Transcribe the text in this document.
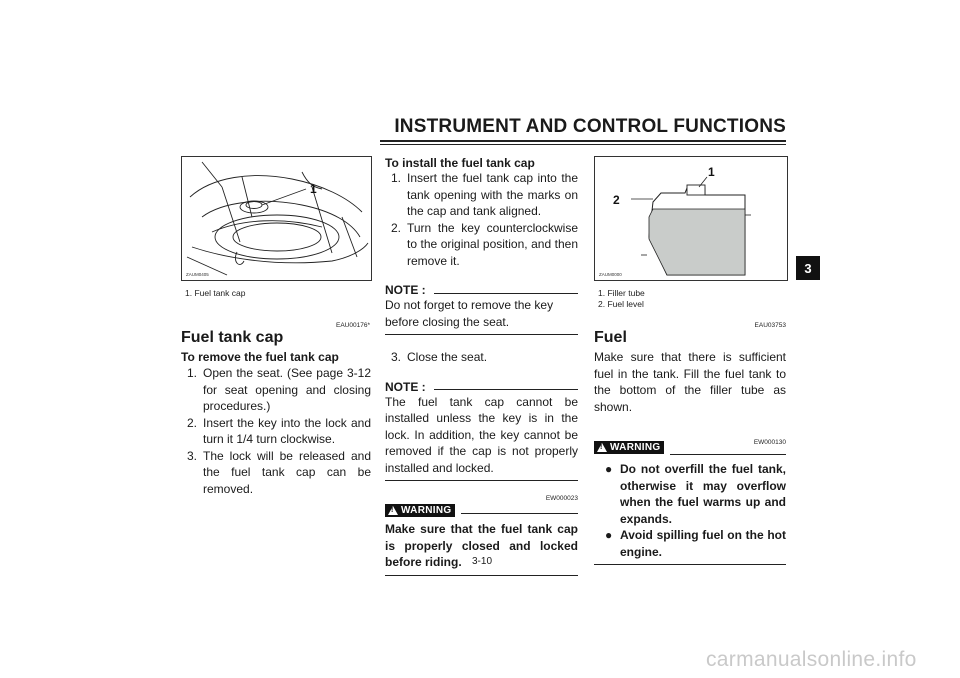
INSTRUMENT AND CONTROL FUNCTIONS
3
1
ZAUM0405
1. Fuel tank cap
EAU00176*
Fuel tank cap
To remove the fuel tank cap
1. Open the seat. (See page 3-12 for seat opening and closing procedures.)
2. Insert the key into the lock and turn it 1/4 turn clockwise.
3. The lock will be released and the fuel tank cap can be removed.
To install the fuel tank cap
1. Insert the fuel tank cap into the tank opening with the marks on the cap and tank aligned.
2. Turn the key counterclockwise to the original position, and then remove it.
NOTE :
Do not forget to remove the key before closing the seat.
3. Close the seat.
NOTE :
The fuel tank cap cannot be installed unless the key is in the lock. In addition, the key cannot be removed if the cap is not properly installed and locked.
EW000023
!
WARNING
Make sure that the fuel tank cap is properly closed and locked before riding.
1
2
ZAUM0000
1. Filler tube
2. Fuel level
EAU03753
Fuel
Make sure that there is sufficient fuel in the tank. Fill the fuel tank to the bottom of the filler tube as shown.
EW000130
!
WARNING
● Do not overfill the fuel tank, otherwise it may overflow when the fuel warms up and expands.
● Avoid spilling fuel on the hot engine.
3-10
carmanualsonline.info
